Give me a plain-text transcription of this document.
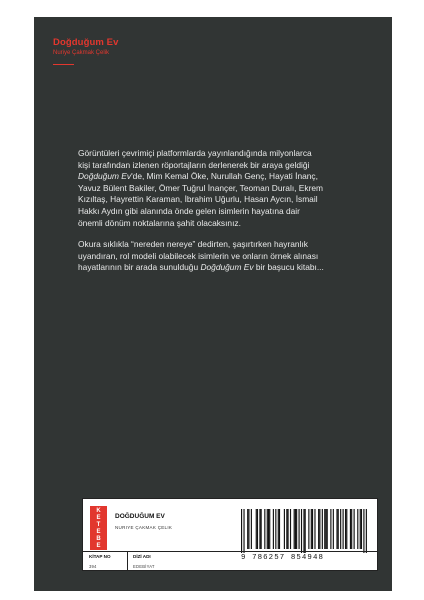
Doğduğum Ev
Nuriye Çakmak Çelik

Görüntüleri çevrimiçi platformlarda yayınlandığında milyonlarca
kişi tarafından izlenen röportajların derlenerek bir araya geldiği
Doğduğum Ev'de, Mim Kemal Öke, Nurullah Genç, Hayati İnanç,
Yavuz Bülent Bakiler, Ömer Tuğrul İnançer, Teoman Duralı, Ekrem
Kızıltaş, Hayrettin Karaman, İbrahim Uğurlu, Hasan Aycın, İsmail
Hakkı Aydın gibi alanında önde gelen isimlerin hayatına dair
önemli dönüm noktalarına şahit olacaksınız.

Okura sıklıkla “nereden nereye” dedirten, şaşırtırken hayranlık
uyandıran, rol modeli olabilecek isimlerin ve onların örnek alınası
hayatlarının bir arada sunulduğu Doğduğum Ev bir başucu kitabı...

K
E
T
E
B
E
DOĞDUĞUM EV
NURIYE ÇAKMAK ÇELIK
9 786257 854948
KİTAP NO
394
DİZİ ADI
EDEBİYAT
